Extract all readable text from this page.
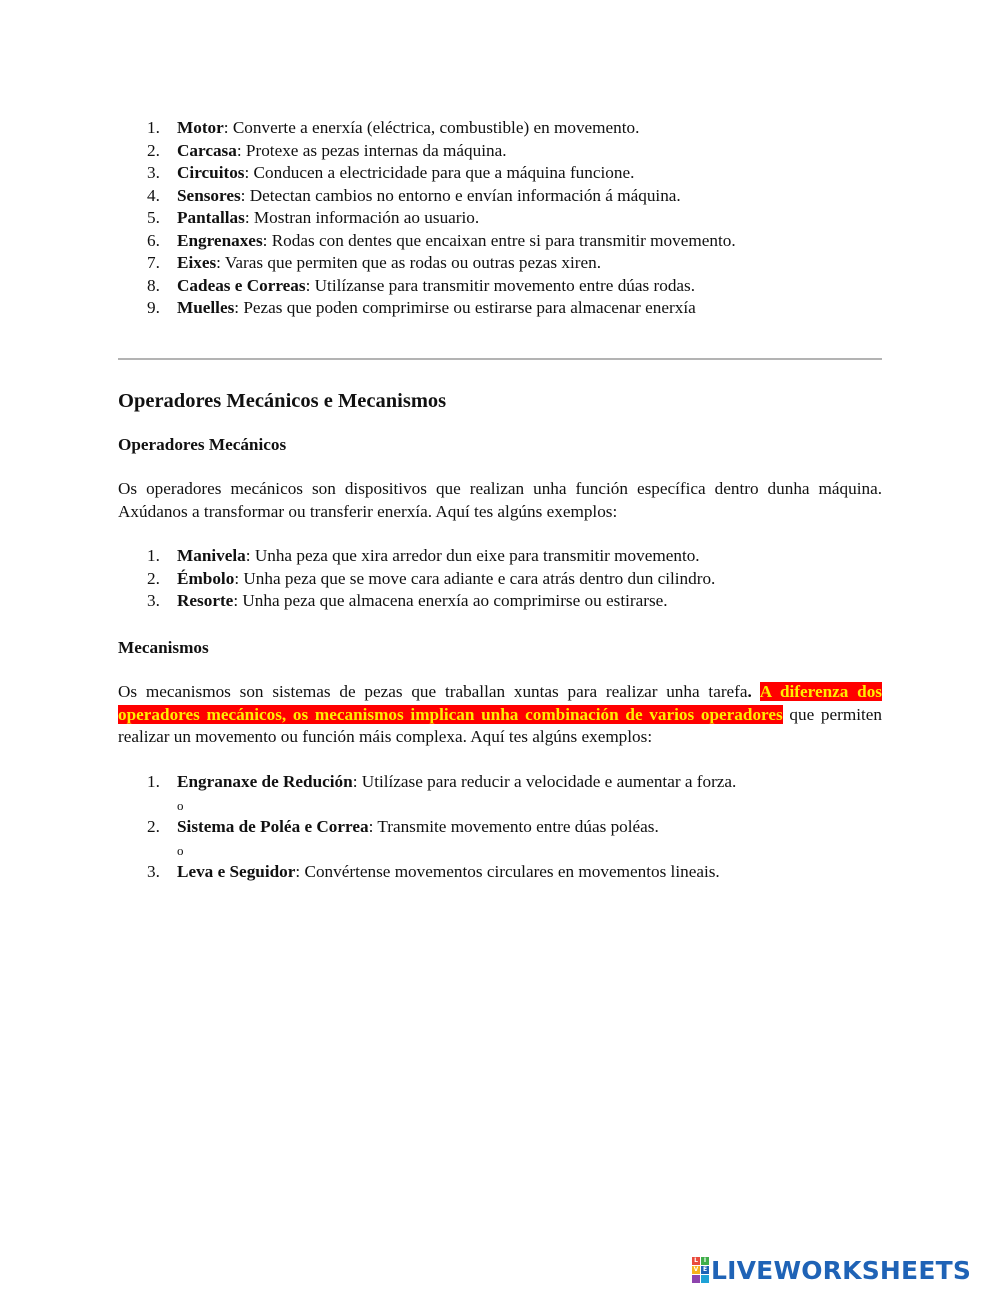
1. Motor: Converte a enerxía (eléctrica, combustible) en movemento.
2. Carcasa: Protexe as pezas internas da máquina.
3. Circuitos: Conducen a electricidade para que a máquina funcione.
4. Sensores: Detectan cambios no entorno e envían información á máquina.
5. Pantallas: Mostran información ao usuario.
6. Engrenaxes: Rodas con dentes que encaixan entre si para transmitir movemento.
7. Eixes: Varas que permiten que as rodas ou outras pezas xiren.
8. Cadeas e Correas: Utilízanse para transmitir movemento entre dúas rodas.
9. Muelles: Pezas que poden comprimirse ou estirarse para almacenar enerxía
Operadores Mecánicos e Mecanismos
Operadores Mecánicos

Os operadores mecánicos son dispositivos que realizan unha función específica dentro dunha máquina. Axúdanos a transformar ou transferir enerxía. Aquí tes algúns exemplos:

1. Manivela: Unha peza que xira arredor dun eixe para transmitir movemento.
2. Émbolo: Unha peza que se move cara adiante e cara atrás dentro dun cilindro.
3. Resorte: Unha peza que almacena enerxía ao comprimirse ou estirarse.
Mecanismos

Os mecanismos son sistemas de pezas que traballan xuntas para realizar unha tarefa. A diferenza dos operadores mecánicos, os mecanismos implican unha combinación de varios operadores que permiten realizar un movemento ou función máis complexa. Aquí tes algúns exemplos:

1. Engranaxe de Redución: Utilízase para reducir a velocidade e aumentar a forza.
o
2. Sistema de Poléa e Correa: Transmite movemento entre dúas poléas.
o
3. Leva e Seguidor: Convértense movementos circulares en movementos lineais.
L I
V E LIVEWORKSHEETS
